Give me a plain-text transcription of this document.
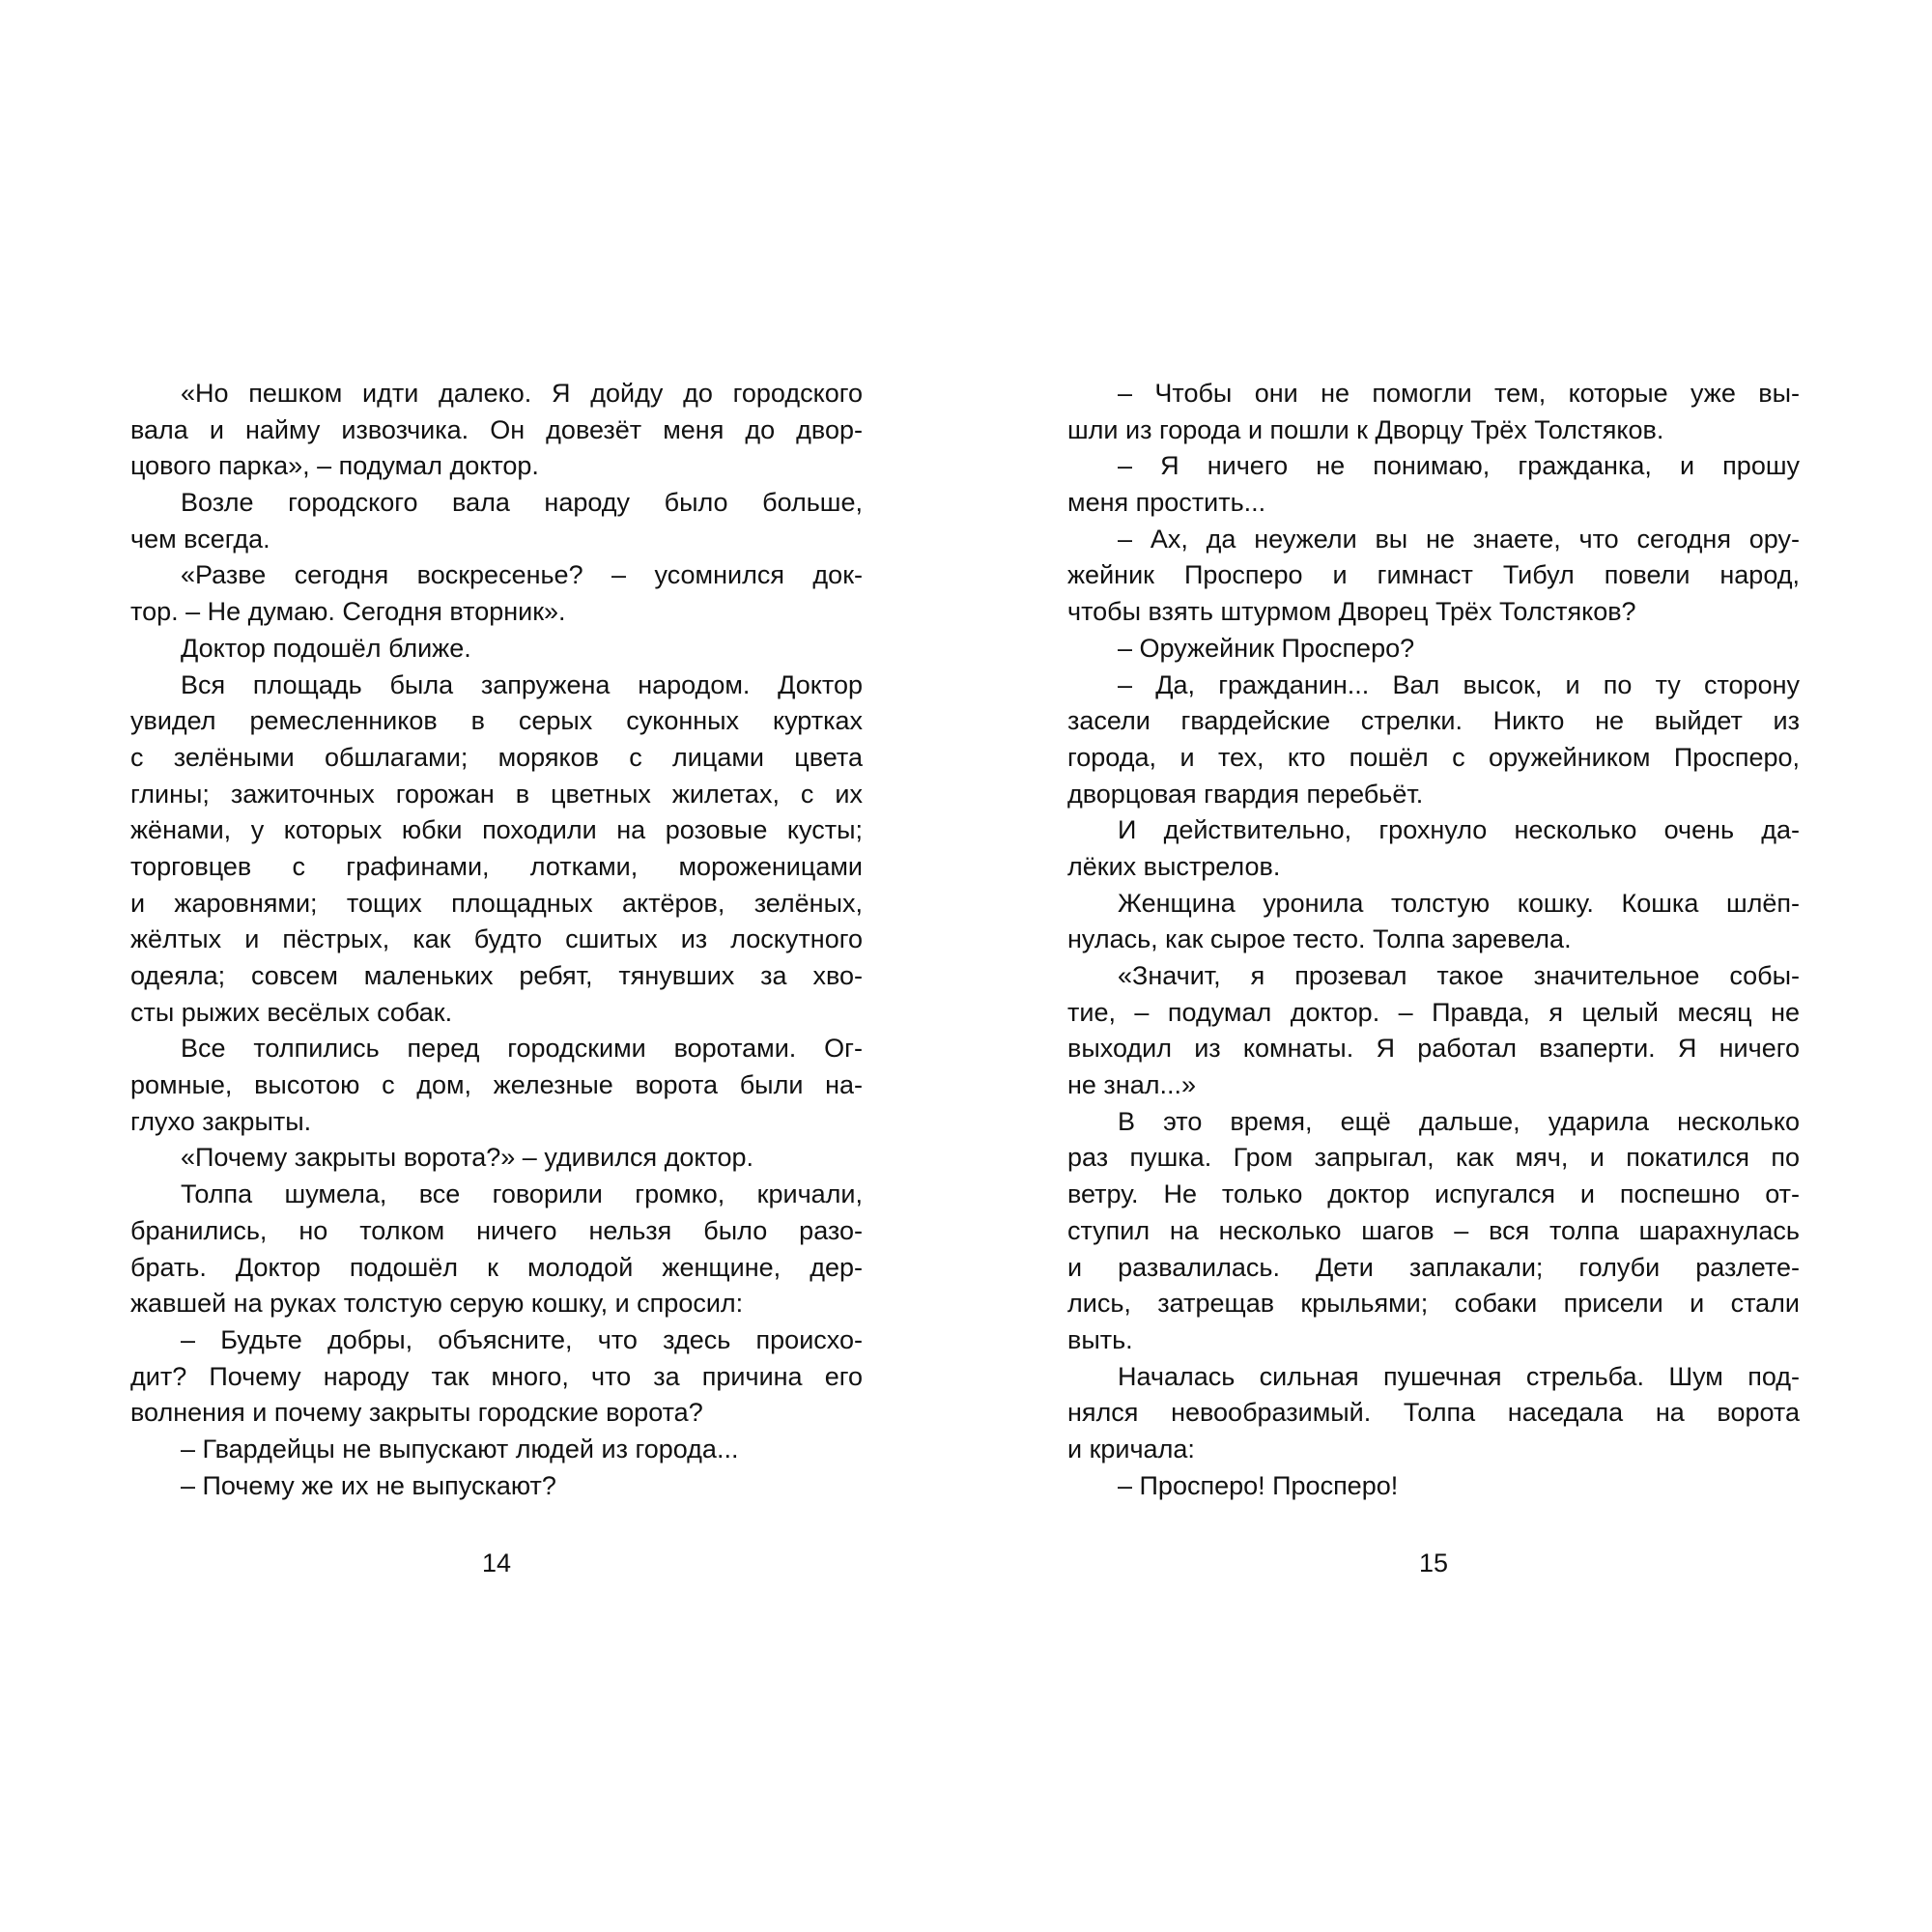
«Но пешком идти далеко. Я дойду до городского
вала и найму извозчика. Он довезёт меня до двор-
цового парка», – подумал доктор.
Возле городского вала народу было больше,
чем всегда.
«Разве сегодня воскресенье? – усомнился док-
тор. – Не думаю. Сегодня вторник».
Доктор подошёл ближе.
Вся площадь была запружена народом. Доктор
увидел ремесленников в серых суконных куртках
с зелёными обшлагами; моряков с лицами цвета
глины; зажиточных горожан в цветных жилетах, с их
жёнами, у которых юбки походили на розовые кусты;
торговцев с графинами, лотками, мороженицами
и жаровнями; тощих площадных актёров, зелёных,
жёлтых и пёстрых, как будто сшитых из лоскутного
одеяла; совсем маленьких ребят, тянувших за хво-
сты рыжих весёлых собак.
Все толпились перед городскими воротами. Ог-
ромные, высотою с дом, железные ворота были на-
глухо закрыты.
«Почему закрыты ворота?» – удивился доктор.
Толпа шумела, все говорили громко, кричали,
бранились, но толком ничего нельзя было разо-
брать. Доктор подошёл к молодой женщине, дер-
жавшей на руках толстую серую кошку, и спросил:
– Будьте добры, объясните, что здесь происхо-
дит? Почему народу так много, что за причина его
волнения и почему закрыты городские ворота?
– Гвардейцы не выпускают людей из города...
– Почему же их не выпускают?
14
– Чтобы они не помогли тем, которые уже вы-
шли из города и пошли к Дворцу Трёх Толстяков.
– Я ничего не понимаю, гражданка, и прошу
меня простить...
– Ах, да неужели вы не знаете, что сегодня ору-
жейник Просперо и гимнаст Тибул повели народ,
чтобы взять штурмом Дворец Трёх Толстяков?
– Оружейник Просперо?
– Да, гражданин... Вал высок, и по ту сторону
засели гвардейские стрелки. Никто не выйдет из
города, и тех, кто пошёл с оружейником Просперо,
дворцовая гвардия перебьёт.
И действительно, грохнуло несколько очень да-
лёких выстрелов.
Женщина уронила толстую кошку. Кошка шлёп-
нулась, как сырое тесто. Толпа заревела.
«Значит, я прозевал такое значительное собы-
тие, – подумал доктор. – Правда, я целый месяц не
выходил из комнаты. Я работал взаперти. Я ничего
не знал...»
В это время, ещё дальше, ударила несколько
раз пушка. Гром запрыгал, как мяч, и покатился по
ветру. Не только доктор испугался и поспешно от-
ступил на несколько шагов – вся толпа шарахнулась
и развалилась. Дети заплакали; голуби разлете-
лись, затрещав крыльями; собаки присели и стали
выть.
Началась сильная пушечная стрельба. Шум под-
нялся невообразимый. Толпа наседала на ворота
и кричала:
– Просперо! Просперо!
15
